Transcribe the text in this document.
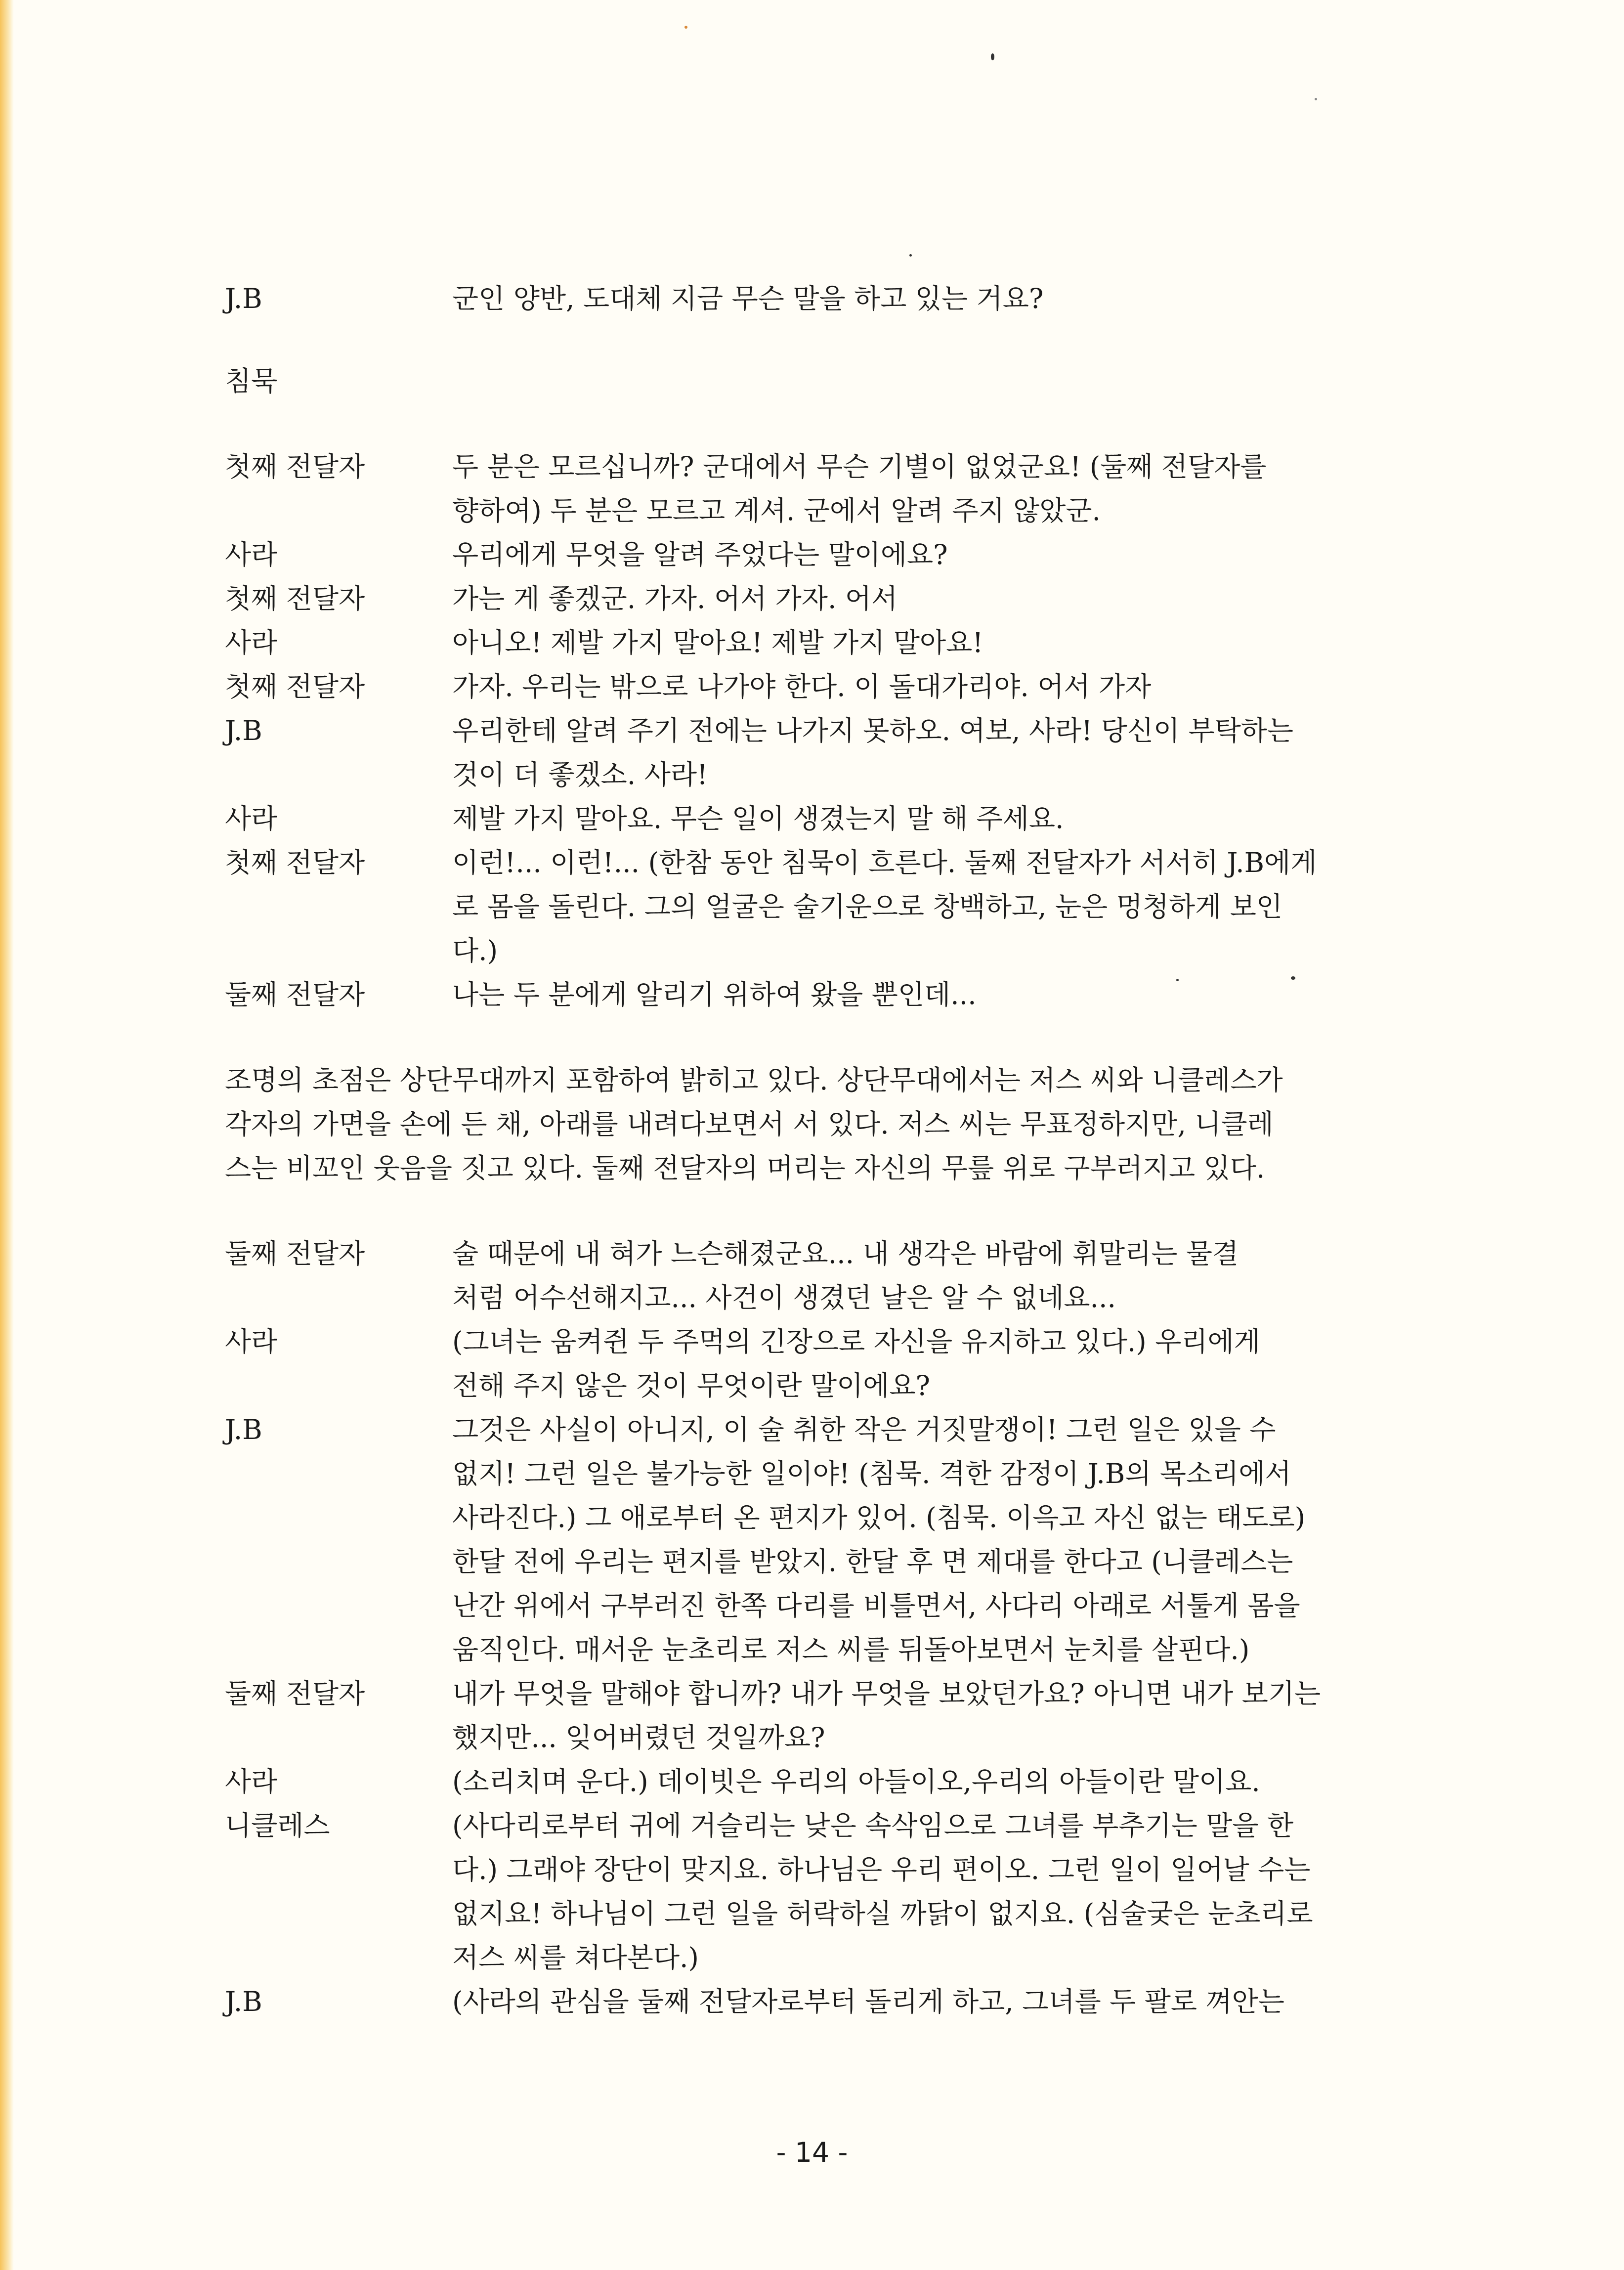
J.B	군인 양반, 도대체 지금 무슨 말을 하고 있는 거요?
침묵
첫째 전달자	두 분은 모르십니까? 군대에서 무슨 기별이 없었군요! (둘째 전달자를
향하여) 두 분은 모르고 계셔. 군에서 알려 주지 않았군.
사라	우리에게 무엇을 알려 주었다는 말이에요?
첫째 전달자	가는 게 좋겠군. 가자. 어서 가자. 어서
사라	아니오! 제발 가지 말아요! 제발 가지 말아요!
첫째 전달자	가자. 우리는 밖으로 나가야 한다. 이 돌대가리야. 어서 가자
J.B	우리한테 알려 주기 전에는 나가지 못하오. 여보, 사라! 당신이 부탁하는
것이 더 좋겠소. 사라!
사라	제발 가지 말아요. 무슨 일이 생겼는지 말 해 주세요.
첫째 전달자	이런!... 이런!... (한참 동안 침묵이 흐른다. 둘째 전달자가 서서히 J.B에게
로 몸을 돌린다. 그의 얼굴은 술기운으로 창백하고, 눈은 멍청하게 보인
다.)
둘째 전달자	나는 두 분에게 알리기 위하여 왔을 뿐인데...
조명의 초점은 상단무대까지 포함하여 밝히고 있다. 상단무대에서는 저스 씨와 니클레스가
각자의 가면을 손에 든 채, 아래를 내려다보면서 서 있다. 저스 씨는 무표정하지만, 니클레
스는 비꼬인 웃음을 짓고 있다. 둘째 전달자의 머리는 자신의 무릎 위로 구부러지고 있다.
둘째 전달자	술 때문에 내 혀가 느슨해졌군요... 내 생각은 바람에 휘말리는 물결
처럼 어수선해지고... 사건이 생겼던 날은 알 수 없네요...
사라	(그녀는 움켜쥔 두 주먹의 긴장으로 자신을 유지하고 있다.) 우리에게
전해 주지 않은 것이 무엇이란 말이에요?
J.B	그것은 사실이 아니지, 이 술 취한 작은 거짓말쟁이! 그런 일은 있을 수
없지! 그런 일은 불가능한 일이야! (침묵. 격한 감정이 J.B의 목소리에서
사라진다.) 그 애로부터 온 편지가 있어. (침묵. 이윽고 자신 없는 태도로)
한달 전에 우리는 편지를 받았지. 한달 후 면 제대를 한다고 (니클레스는
난간 위에서 구부러진 한쪽 다리를 비틀면서, 사다리 아래로 서툴게 몸을
움직인다. 매서운 눈초리로 저스 씨를 뒤돌아보면서 눈치를 살핀다.)
둘째 전달자	내가 무엇을 말해야 합니까? 내가 무엇을 보았던가요? 아니면 내가 보기는
했지만... 잊어버렸던 것일까요?
사라	(소리치며 운다.) 데이빗은 우리의 아들이오,우리의 아들이란 말이요.
니클레스	(사다리로부터 귀에 거슬리는 낮은 속삭임으로 그녀를 부추기는 말을 한
다.) 그래야 장단이 맞지요. 하나님은 우리 편이오. 그런 일이 일어날 수는
없지요! 하나님이 그런 일을 허락하실 까닭이 없지요. (심술궂은 눈초리로
저스 씨를 쳐다본다.)
J.B	(사라의 관심을 둘째 전달자로부터 돌리게 하고, 그녀를 두 팔로 껴안는
- 14 -
